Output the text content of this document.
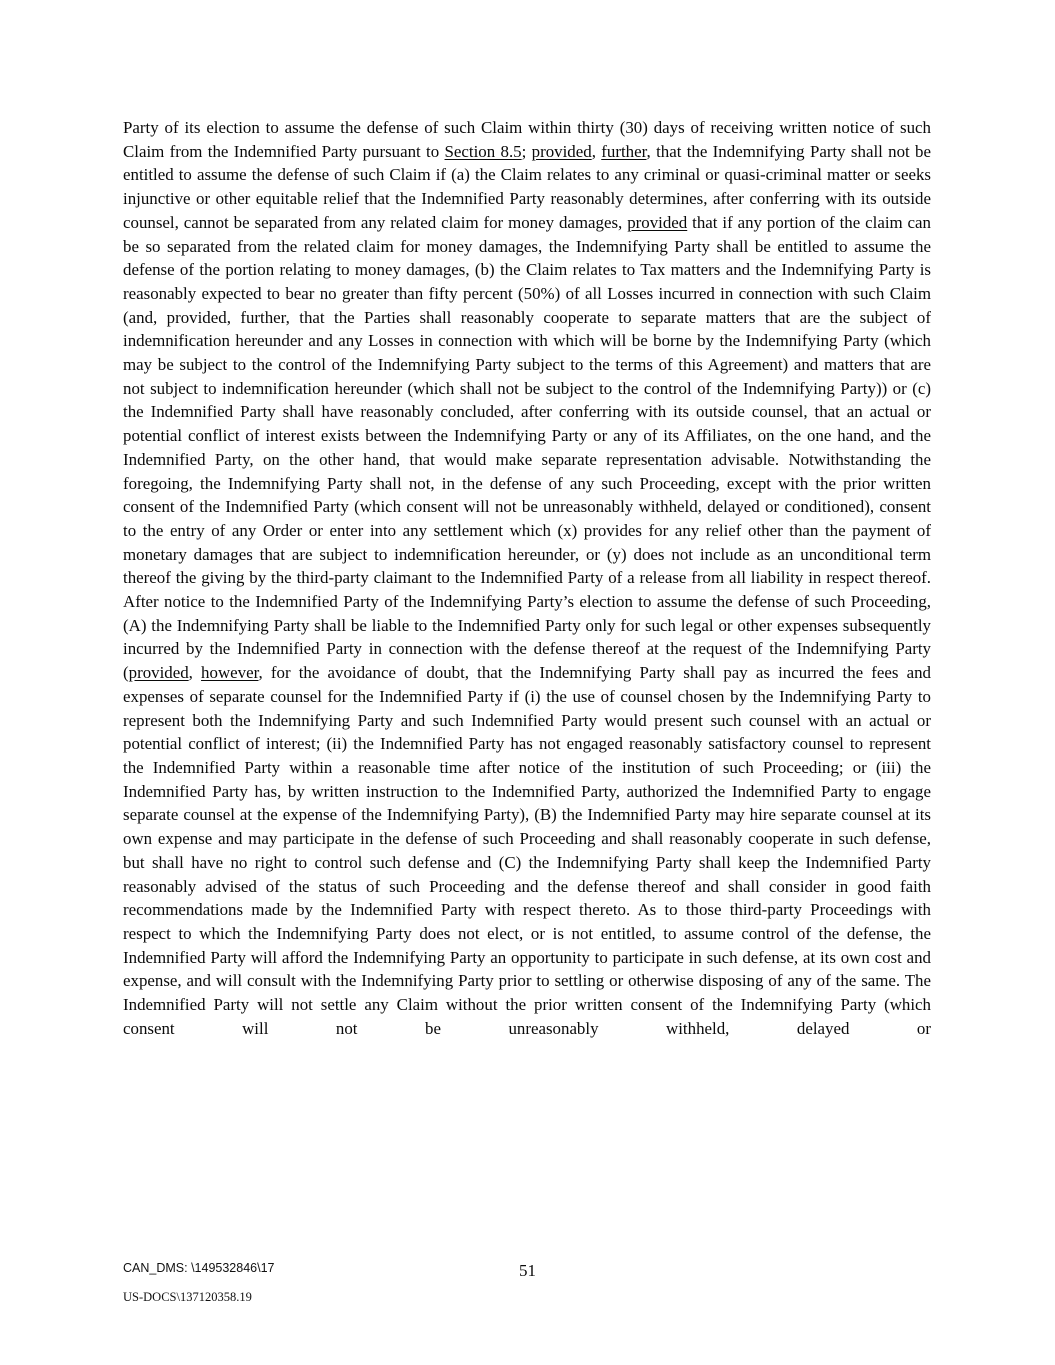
Party of its election to assume the defense of such Claim within thirty (30) days of receiving written notice of such Claim from the Indemnified Party pursuant to Section 8.5; provided, further, that the Indemnifying Party shall not be entitled to assume the defense of such Claim if (a) the Claim relates to any criminal or quasi-criminal matter or seeks injunctive or other equitable relief that the Indemnified Party reasonably determines, after conferring with its outside counsel, cannot be separated from any related claim for money damages, provided that if any portion of the claim can be so separated from the related claim for money damages, the Indemnifying Party shall be entitled to assume the defense of the portion relating to money damages, (b) the Claim relates to Tax matters and the Indemnifying Party is reasonably expected to bear no greater than fifty percent (50%) of all Losses incurred in connection with such Claim (and, provided, further, that the Parties shall reasonably cooperate to separate matters that are the subject of indemnification hereunder and any Losses in connection with which will be borne by the Indemnifying Party (which may be subject to the control of the Indemnifying Party subject to the terms of this Agreement) and matters that are not subject to indemnification hereunder (which shall not be subject to the control of the Indemnifying Party)) or (c) the Indemnified Party shall have reasonably concluded, after conferring with its outside counsel, that an actual or potential conflict of interest exists between the Indemnifying Party or any of its Affiliates, on the one hand, and the Indemnified Party, on the other hand, that would make separate representation advisable. Notwithstanding the foregoing, the Indemnifying Party shall not, in the defense of any such Proceeding, except with the prior written consent of the Indemnified Party (which consent will not be unreasonably withheld, delayed or conditioned), consent to the entry of any Order or enter into any settlement which (x) provides for any relief other than the payment of monetary damages that are subject to indemnification hereunder, or (y) does not include as an unconditional term thereof the giving by the third-party claimant to the Indemnified Party of a release from all liability in respect thereof. After notice to the Indemnified Party of the Indemnifying Party’s election to assume the defense of such Proceeding, (A) the Indemnifying Party shall be liable to the Indemnified Party only for such legal or other expenses subsequently incurred by the Indemnified Party in connection with the defense thereof at the request of the Indemnifying Party (provided, however, for the avoidance of doubt, that the Indemnifying Party shall pay as incurred the fees and expenses of separate counsel for the Indemnified Party if (i) the use of counsel chosen by the Indemnifying Party to represent both the Indemnifying Party and such Indemnified Party would present such counsel with an actual or potential conflict of interest; (ii) the Indemnified Party has not engaged reasonably satisfactory counsel to represent the Indemnified Party within a reasonable time after notice of the institution of such Proceeding; or (iii) the Indemnified Party has, by written instruction to the Indemnified Party, authorized the Indemnified Party to engage separate counsel at the expense of the Indemnifying Party), (B) the Indemnified Party may hire separate counsel at its own expense and may participate in the defense of such Proceeding and shall reasonably cooperate in such defense, but shall have no right to control such defense and (C) the Indemnifying Party shall keep the Indemnified Party reasonably advised of the status of such Proceeding and the defense thereof and shall consider in good faith recommendations made by the Indemnified Party with respect thereto. As to those third-party Proceedings with respect to which the Indemnifying Party does not elect, or is not entitled, to assume control of the defense, the Indemnified Party will afford the Indemnifying Party an opportunity to participate in such defense, at its own cost and expense, and will consult with the Indemnifying Party prior to settling or otherwise disposing of any of the same. The Indemnified Party will not settle any Claim without the prior written consent of the Indemnifying Party (which consent will not be unreasonably withheld, delayed or

CAN_DMS: \149532846\17
US-DOCS\137120358.19
51
